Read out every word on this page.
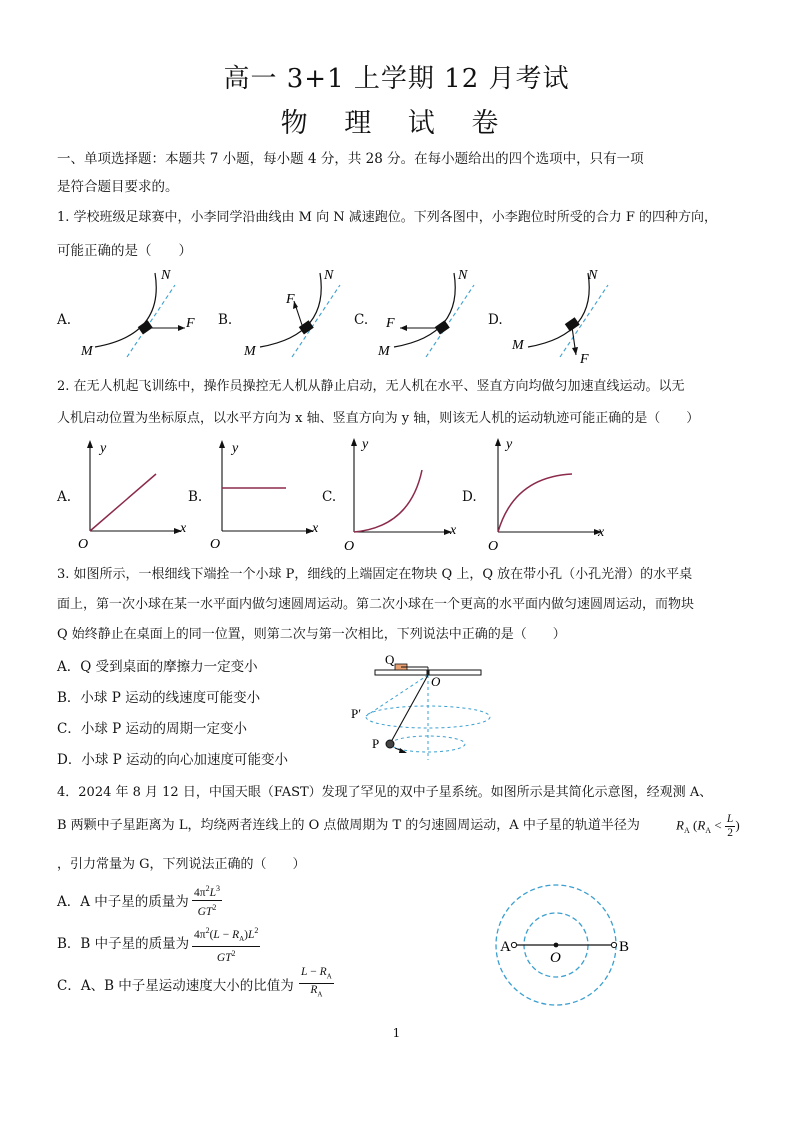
高一 3+1 上学期 12 月考试
物 理 试 卷
一、单项选择题：本题共 7 小题，每小题 4 分，共 28 分。在每小题给出的四个选项中，只有一项
是符合题目要求的。
1. 学校班级足球赛中，小李同学沿曲线由 M 向 N 减速跑位。下列各图中，小李跑位时所受的合力 F 的四种方向，
可能正确的是（　　）
A.	B.	C.	D.
N
M
F
N
M
F
N
M
F
N
M
F
2. 在无人机起飞训练中，操作员操控无人机从静止启动，无人机在水平、竖直方向均做匀加速直线运动。以无
人机启动位置为坐标原点，以水平方向为 x 轴、竖直方向为 y 轴，则该无人机的运动轨迹可能正确的是（　　）
A.	B.	C.	D.
y
x
O
y
x
O
y
x
O
y
x
O
3. 如图所示，一根细线下端拴一个小球 P，细线的上端固定在物块 Q 上，Q 放在带小孔（小孔光滑）的水平桌
面上，第一次小球在某一水平面内做匀速圆周运动。第二次小球在一个更高的水平面内做匀速圆周运动，而物块
Q 始终静止在桌面上的同一位置，则第二次与第一次相比，下列说法中正确的是（　　）
A．Q 受到桌面的摩擦力一定变小
B．小球 P 运动的线速度可能变小
C．小球 P 运动的周期一定变小
D．小球 P 运动的向心加速度可能变小
Q
O
P′
P
4．2024 年 8 月 12 日，中国天眼（FAST）发现了罕见的双中子星系统。如图所示是其简化示意图，经观测 A、
B 两颗中子星距离为 L，均绕两者连线上的 O 点做周期为 T 的匀速圆周运动，A 中子星的轨道半径为	$R_A$ ($R_A < \frac{L}{2}$ )
，引力常量为 G，下列说法正确的（　　）
A．A 中子星的质量为 $\frac{4\pi^2L^3}{GT^2}$
B．B 中子星的质量为 $\frac{4\pi^2(L - R_A)L^2}{GT^2}$
C．A、B 中子星运动速度大小的比值为 $\frac{L - R_A}{R_A}$
A
O
B
1
